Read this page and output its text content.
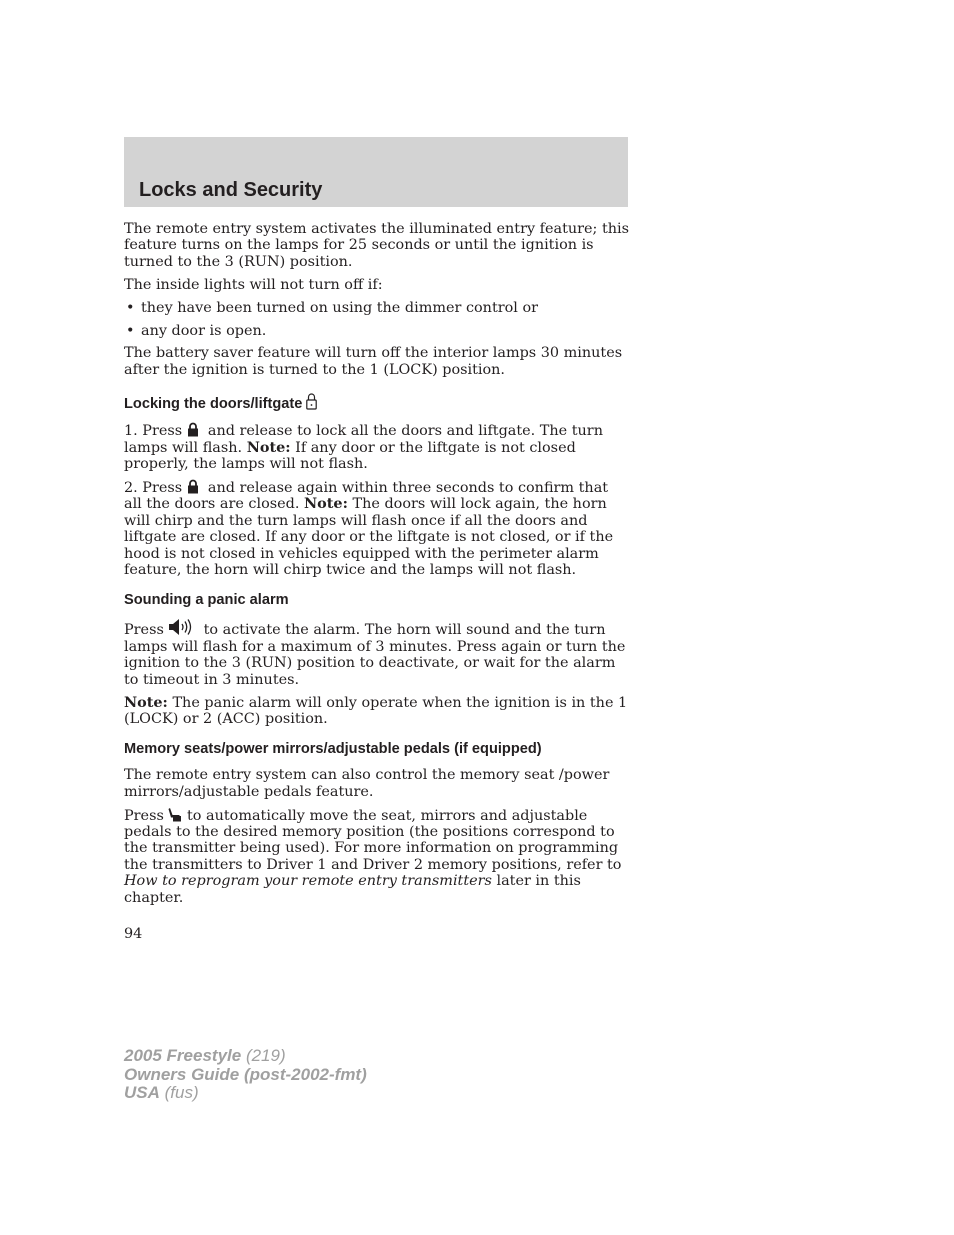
Locks and Security

The remote entry system activates the illuminated entry feature; this feature turns on the lamps for 25 seconds or until the ignition is turned to the 3 (RUN) position.

The inside lights will not turn off if:

• they have been turned on using the dimmer control or
• any door is open.

The battery saver feature will turn off the interior lamps 30 minutes after the ignition is turned to the 1 (LOCK) position.

Locking the doors/liftgate

1. Press and release to lock all the doors and liftgate. The turn lamps will flash. Note: If any door or the liftgate is not closed properly, the lamps will not flash.

2. Press and release again within three seconds to confirm that all the doors are closed. Note: The doors will lock again, the horn will chirp and the turn lamps will flash once if all the doors and liftgate are closed. If any door or the liftgate is not closed, or if the hood is not closed in vehicles equipped with the perimeter alarm feature, the horn will chirp twice and the lamps will not flash.

Sounding a panic alarm

Press	to activate the alarm. The horn will sound and the turn lamps will flash for a maximum of 3 minutes. Press again or turn the ignition to the 3 (RUN) position to deactivate, or wait for the alarm to timeout in 3 minutes.

Note: The panic alarm will only operate when the ignition is in the 1 (LOCK) or 2 (ACC) position.

Memory seats/power mirrors/adjustable pedals (if equipped)

The remote entry system can also control the memory seat /power mirrors/adjustable pedals feature.

Press to automatically move the seat, mirrors and adjustable pedals to the desired memory position (the positions correspond to the transmitter being used). For more information on programming the transmitters to Driver 1 and Driver 2 memory positions, refer to How to reprogram your remote entry transmitters later in this chapter.

94
2005 Freestyle (219)
Owners Guide (post-2002-fmt)
USA (fus)
